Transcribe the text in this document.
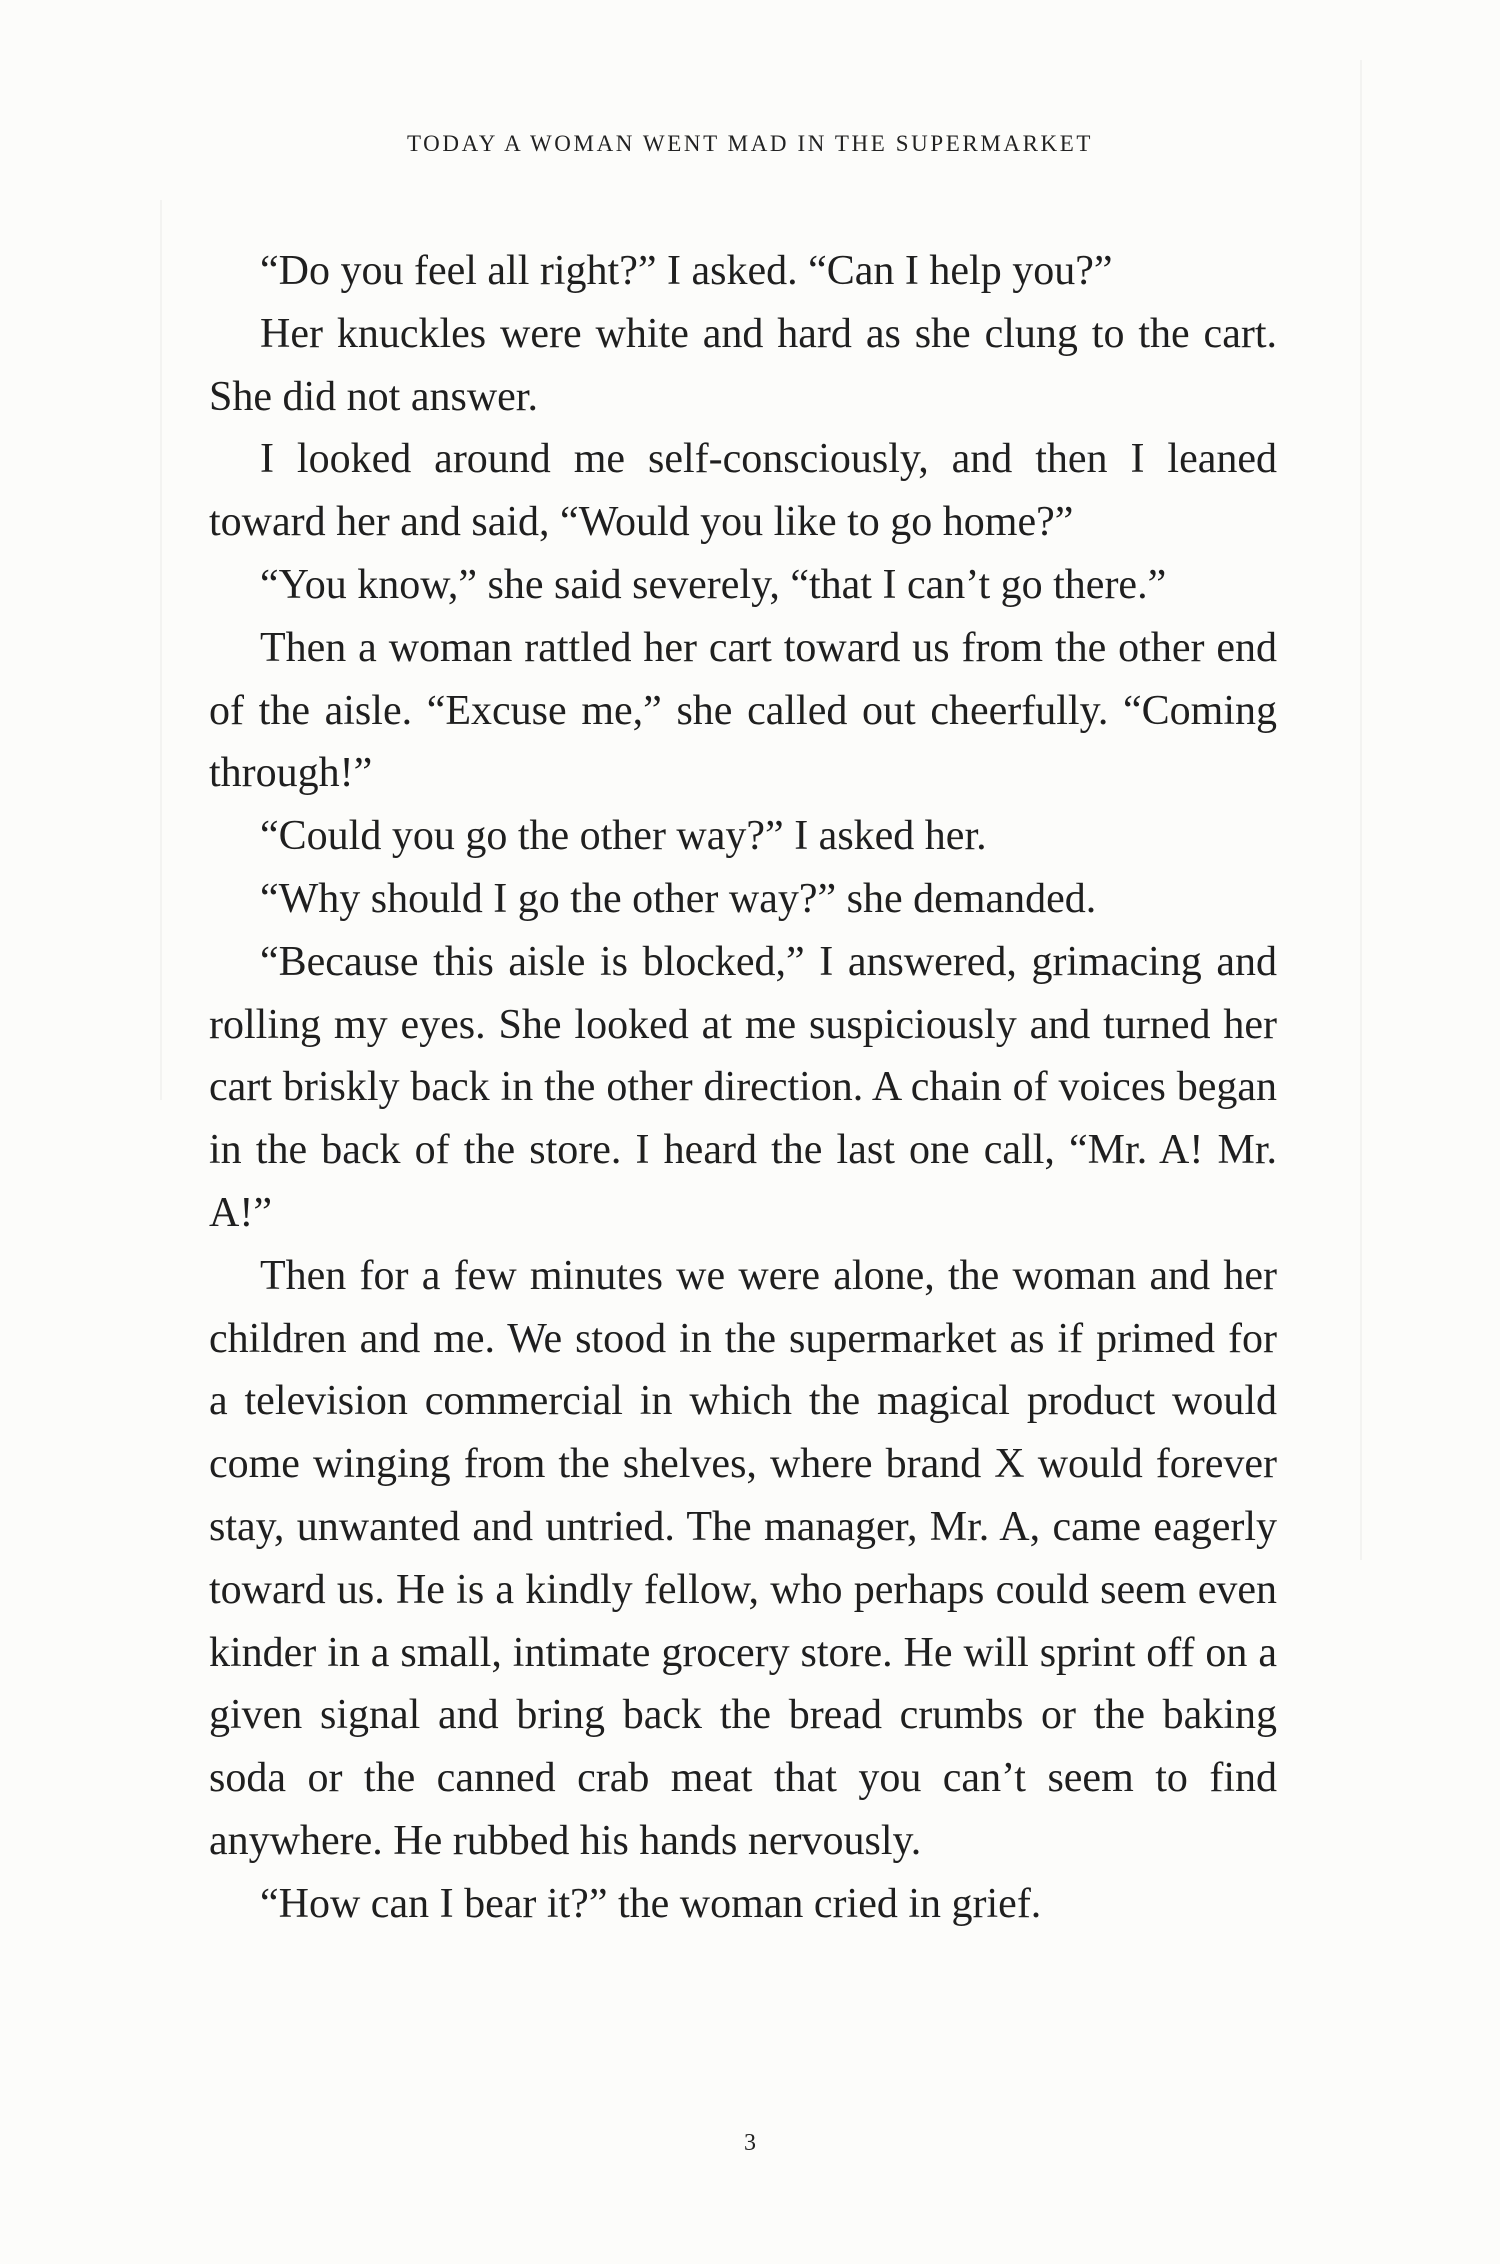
TODAY A WOMAN WENT MAD IN THE SUPERMARKET

“Do you feel all right?” I asked. “Can I help you?”

Her knuckles were white and hard as she clung to the cart. She did not answer.

I looked around me self-consciously, and then I leaned toward her and said, “Would you like to go home?”

“You know,” she said severely, “that I can’t go there.”

Then a woman rattled her cart toward us from the other end of the aisle. “Excuse me,” she called out cheerfully. “Coming through!”

“Could you go the other way?” I asked her.

“Why should I go the other way?” she demanded.

“Because this aisle is blocked,” I answered, grimacing and rolling my eyes. She looked at me suspiciously and turned her cart briskly back in the other direction. A chain of voices began in the back of the store. I heard the last one call, “Mr. A! Mr. A!”

Then for a few minutes we were alone, the woman and her children and me. We stood in the supermarket as if primed for a television commercial in which the magical product would come winging from the shelves, where brand X would forever stay, unwanted and untried. The manager, Mr. A, came eagerly toward us. He is a kindly fellow, who perhaps could seem even kinder in a small, intimate grocery store. He will sprint off on a given signal and bring back the bread crumbs or the baking soda or the canned crab meat that you can’t seem to find anywhere. He rubbed his hands nervously.

“How can I bear it?” the woman cried in grief.

3
